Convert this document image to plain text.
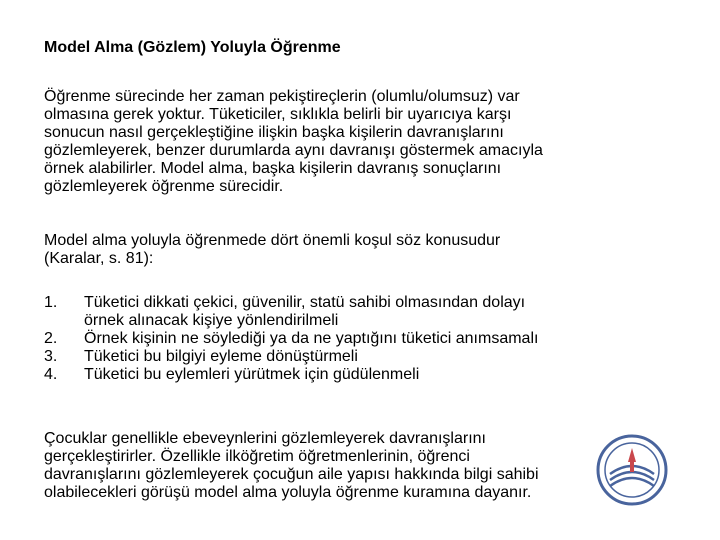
Model Alma (Gözlem) Yoluyla Öğrenme

Öğrenme sürecinde her zaman pekiştireçlerin (olumlu/olumsuz) var
olmasına gerek yoktur. Tüketiciler, sıklıkla belirli bir uyarıcıya karşı
sonucun nasıl gerçekleştiğine ilişkin başka kişilerin davranışlarını
gözlemleyerek, benzer durumlarda aynı davranışı göstermek amacıyla
örnek alabilirler. Model alma, başka kişilerin davranış sonuçlarını
gözlemleyerek öğrenme sürecidir.

Model alma yoluyla öğrenmede dört önemli koşul söz konusudur
(Karalar, s. 81):

1. Tüketici dikkati çekici, güvenilir, statü sahibi olmasından dolayı
örnek alınacak kişiye yönlendirilmeli
2. Örnek kişinin ne söylediği ya da ne yaptığını tüketici anımsamalı
3. Tüketici bu bilgiyi eyleme dönüştürmeli
4. Tüketici bu eylemleri yürütmek için güdülenmeli

Çocuklar genellikle ebeveynlerini gözlemleyerek davranışlarını
gerçekleştirirler. Özellikle ilköğretim öğretmenlerinin, öğrenci
davranışlarını gözlemleyerek çocuğun aile yapısı hakkında bilgi sahibi
olabilecekleri görüşü model alma yoluyla öğrenme kuramına dayanır.
